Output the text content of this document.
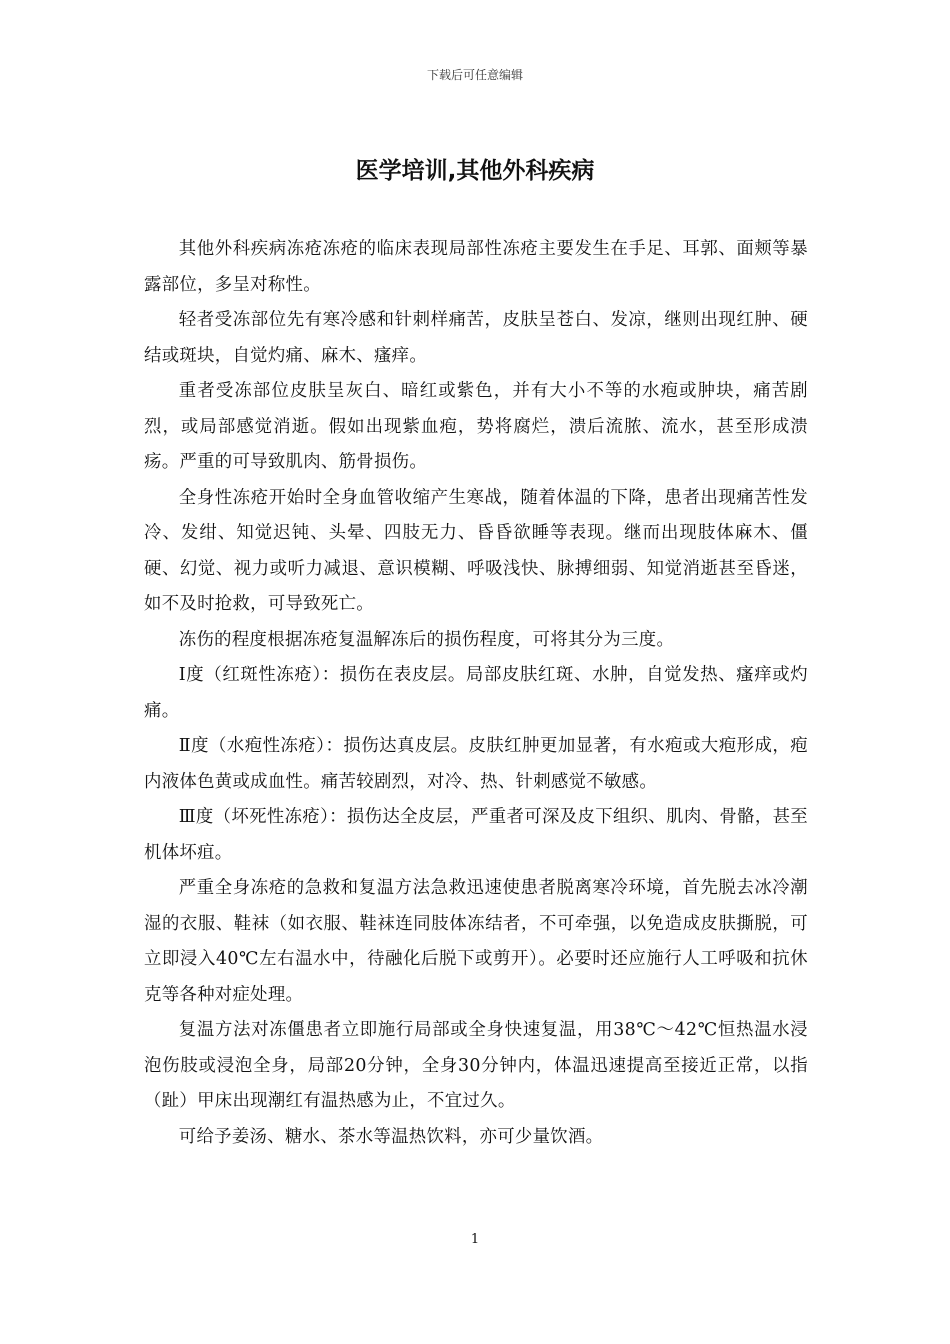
下载后可任意编辑
医学培训,其他外科疾病

其他外科疾病冻疮冻疮的临床表现局部性冻疮主要发生在手足、耳郭、面颊等暴露部位，多呈对称性。

轻者受冻部位先有寒冷感和针刺样痛苦，皮肤呈苍白、发凉，继则出现红肿、硬结或斑块，自觉灼痛、麻木、瘙痒。

重者受冻部位皮肤呈灰白、暗红或紫色，并有大小不等的水疱或肿块，痛苦剧烈，或局部感觉消逝。假如出现紫血疱，势将腐烂，溃后流脓、流水，甚至形成溃疡。严重的可导致肌肉、筋骨损伤。

全身性冻疮开始时全身血管收缩产生寒战，随着体温的下降，患者出现痛苦性发冷、发绀、知觉迟钝、头晕、四肢无力、昏昏欲睡等表现。继而出现肢体麻木、僵硬、幻觉、视力或听力减退、意识模糊、呼吸浅快、脉搏细弱、知觉消逝甚至昏迷，如不及时抢救，可导致死亡。

冻伤的程度根据冻疮复温解冻后的损伤程度，可将其分为三度。

Ⅰ度（红斑性冻疮）：损伤在表皮层。局部皮肤红斑、水肿，自觉发热、瘙痒或灼痛。

Ⅱ度（水疱性冻疮）：损伤达真皮层。皮肤红肿更加显著，有水疱或大疱形成，疱内液体色黄或成血性。痛苦较剧烈，对冷、热、针刺感觉不敏感。

Ⅲ度（坏死性冻疮）：损伤达全皮层，严重者可深及皮下组织、肌肉、骨骼，甚至机体坏疽。

严重全身冻疮的急救和复温方法急救迅速使患者脱离寒冷环境，首先脱去冰冷潮湿的衣服、鞋袜（如衣服、鞋袜连同肢体冻结者，不可牵强，以免造成皮肤撕脱，可立即浸入40℃左右温水中，待融化后脱下或剪开）。必要时还应施行人工呼吸和抗休克等各种对症处理。

复温方法对冻僵患者立即施行局部或全身快速复温，用38℃～42℃恒热温水浸泡伤肢或浸泡全身，局部20分钟，全身30分钟内，体温迅速提高至接近正常，以指（趾）甲床出现潮红有温热感为止，不宜过久。

可给予姜汤、糖水、茶水等温热饮料，亦可少量饮酒。

1
